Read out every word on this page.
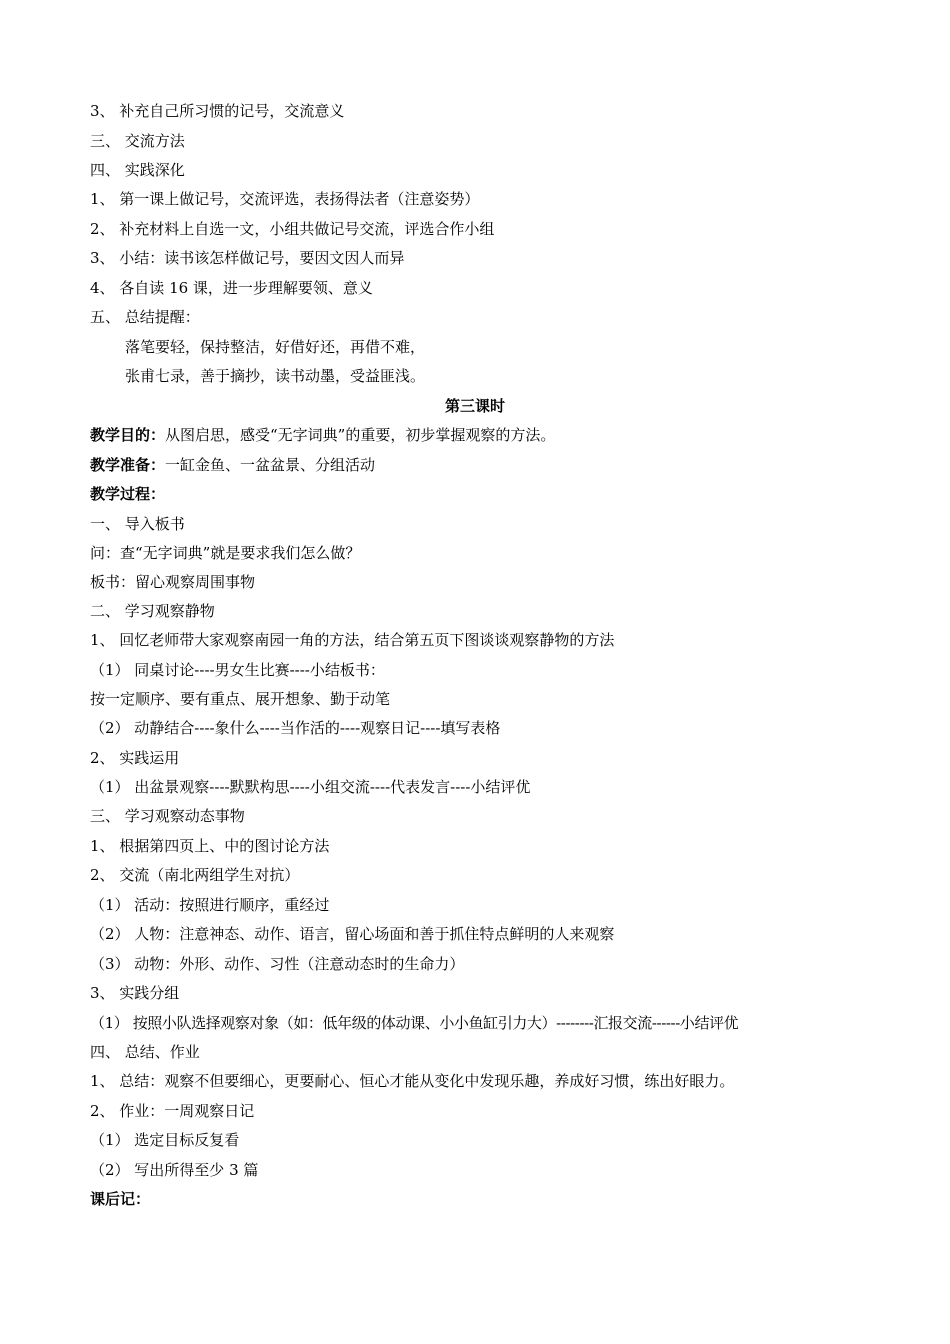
3、 补充自己所习惯的记号，交流意义
三、 交流方法
四、 实践深化
1、 第一课上做记号，交流评选，表扬得法者（注意姿势）
2、 补充材料上自选一文，小组共做记号交流，评选合作小组
3、 小结：读书该怎样做记号，要因文因人而异
4、 各自读 16 课，进一步理解要领、意义
五、 总结提醒：
落笔要轻，保持整洁，好借好还，再借不难，
张甫七录，善于摘抄，读书动墨，受益匪浅。
第三课时
教学目的：从图启思，感受“无字词典”的重要，初步掌握观察的方法。
教学准备：一缸金鱼、一盆盆景、分组活动
教学过程：
一、 导入板书
问：查“无字词典”就是要求我们怎么做？
板书：留心观察周围事物
二、 学习观察静物
1、 回忆老师带大家观察南园一角的方法，结合第五页下图谈谈观察静物的方法
（1） 同桌讨论----男女生比赛----小结板书：
按一定顺序、要有重点、展开想象、勤于动笔
（2） 动静结合----象什么----当作活的----观察日记----填写表格
2、 实践运用
（1） 出盆景观察----默默构思----小组交流----代表发言----小结评优
三、 学习观察动态事物
1、 根据第四页上、中的图讨论方法
2、 交流（南北两组学生对抗）
（1） 活动：按照进行顺序，重经过
（2） 人物：注意神态、动作、语言，留心场面和善于抓住特点鲜明的人来观察
（3） 动物：外形、动作、习性（注意动态时的生命力）
3、 实践分组
（1） 按照小队选择观察对象（如：低年级的体动课、小小鱼缸引力大）--------汇报交流------小结评优
四、 总结、作业
1、 总结：观察不但要细心，更要耐心、恒心才能从变化中发现乐趣，养成好习惯，练出好眼力。
2、 作业：一周观察日记
（1） 选定目标反复看
（2） 写出所得至少 3 篇
课后记：
